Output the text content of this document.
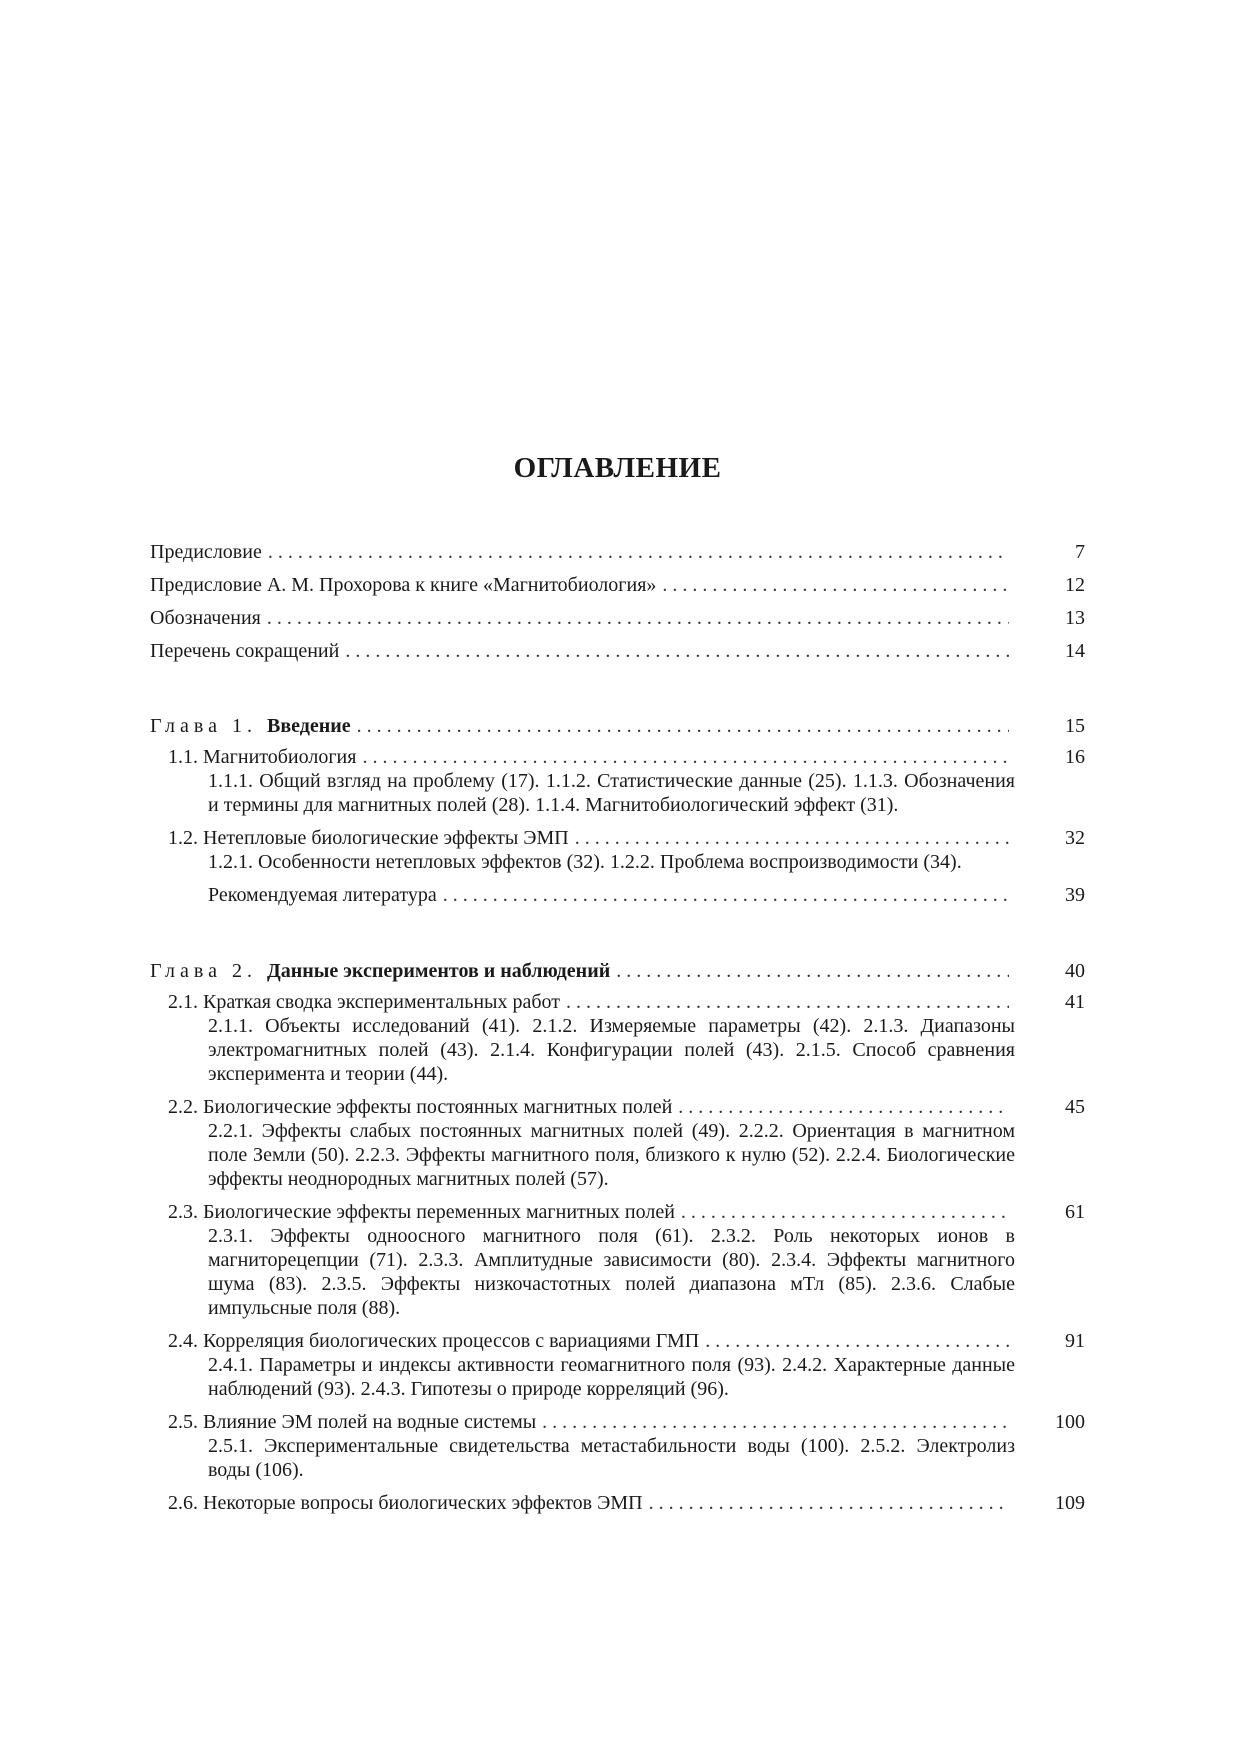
ОГЛАВЛЕНИЕ
Предисловие . . .	7
Предисловие А. М. Прохорова к книге «Магнитобиология» . . .	12
Обозначения . . .	13
Перечень сокращений . . .	14
Глава 1. Введение . . .	15
1.1. Магнитобиология . . .	16
1.1.1. Общий взгляд на проблему (17). 1.1.2. Статистические данные (25). 1.1.3. Обозначения и термины для магнитных полей (28). 1.1.4. Магнитобиологический эффект (31).
1.2. Нетепловые биологические эффекты ЭМП . . .	32
1.2.1. Особенности нетепловых эффектов (32). 1.2.2. Проблема воспроизводимости (34).
Рекомендуемая литература . . .	39
Глава 2. Данные экспериментов и наблюдений . . .	40
2.1. Краткая сводка экспериментальных работ . . .	41
2.1.1. Объекты исследований (41). 2.1.2. Измеряемые параметры (42). 2.1.3. Диапазоны электромагнитных полей (43). 2.1.4. Конфигурации полей (43). 2.1.5. Способ сравнения эксперимента и теории (44).
2.2. Биологические эффекты постоянных магнитных полей . . .	45
2.2.1. Эффекты слабых постоянных магнитных полей (49). 2.2.2. Ориентация в магнитном поле Земли (50). 2.2.3. Эффекты магнитного поля, близкого к нулю (52). 2.2.4. Биологические эффекты неоднородных магнитных полей (57).
2.3. Биологические эффекты переменных магнитных полей . . .	61
2.3.1. Эффекты одноосного магнитного поля (61). 2.3.2. Роль некоторых ионов в магниторецепции (71). 2.3.3. Амплитудные зависимости (80). 2.3.4. Эффекты магнитного шума (83). 2.3.5. Эффекты низкочастотных полей диапазона мТл (85). 2.3.6. Слабые импульсные поля (88).
2.4. Корреляция биологических процессов с вариациями ГМП . . .	91
2.4.1. Параметры и индексы активности геомагнитного поля (93). 2.4.2. Характерные данные наблюдений (93). 2.4.3. Гипотезы о природе корреляций (96).
2.5. Влияние ЭМ полей на водные системы . . .	100
2.5.1. Экспериментальные свидетельства метастабильности воды (100). 2.5.2. Электролиз воды (106).
2.6. Некоторые вопросы биологических эффектов ЭМП . . .	109
